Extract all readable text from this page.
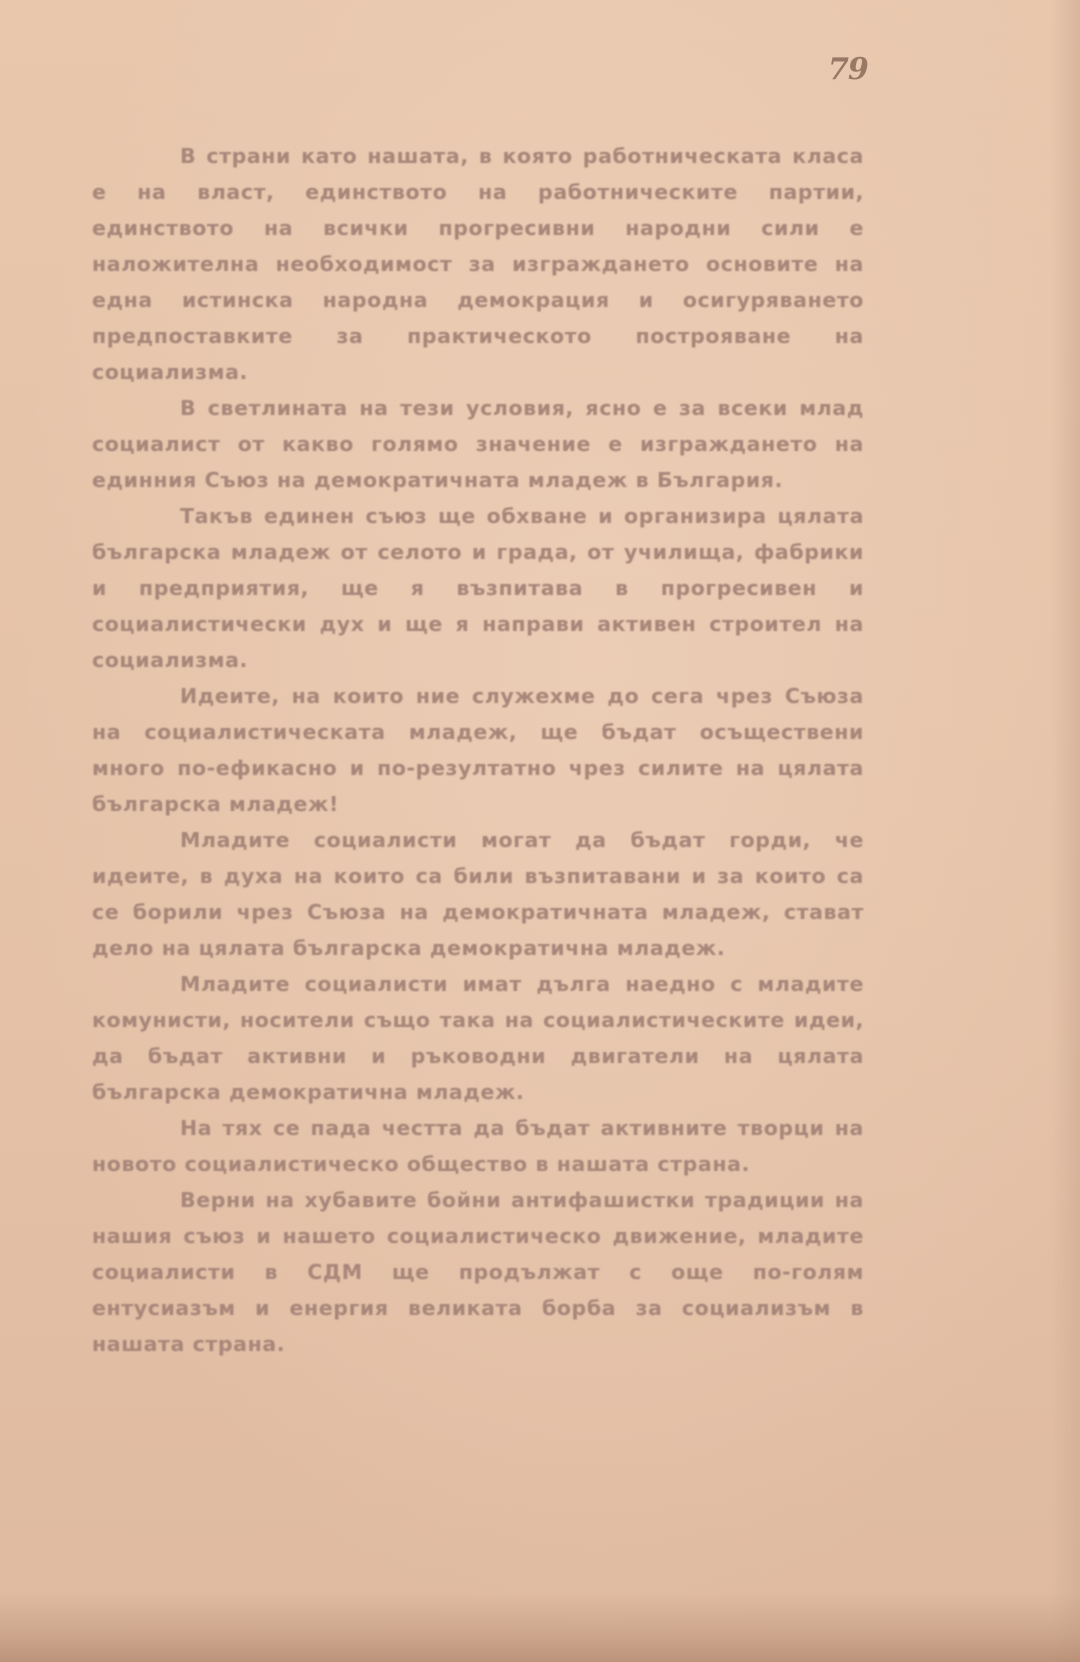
79

В страни като нашата, в която работническата класа е на власт, единството на работническите партии, единството на всички прогресивни народни сили е наложителна необходимост за изграждането основите на една истинска народна демокрация и осигуряването предпоставките за практическото построяване на социализма.

В светлината на тези условия, ясно е за всеки млад социалист от какво голямо значение е изграждането на единния Съюз на демократичната младеж в България.

Такъв единен съюз ще обхване и организира цялата българска младеж от селото и града, от училища, фабрики и предприятия, ще я възпитава в прогресивен и социалистически дух и ще я направи активен строител на социализма.

Идеите, на които ние служехме до сега чрез Съюза на социалистическата младеж, ще бъдат осъществени много по-ефикасно и по-резултатно чрез силите на цялата българска младеж!

Младите социалисти могат да бъдат горди, че идеите, в духа на които са били възпитавани и за които са се борили чрез Съюза на демократичната младеж, стават дело на цялата българска демократична младеж.

Младите социалисти имат дълга наедно с младите комунисти, носители също така на социалистическите идеи, да бъдат активни и ръководни двигатели на цялата българска демократична младеж.

На тях се пада честта да бъдат активните творци на новото социалистическо общество в нашата страна.

Верни на хубавите бойни антифашистки традиции на нашия съюз и нашето социалистическо движение, младите социалисти в СДМ ще продължат с още по-голям ентусиазъм и енергия великата борба за социализъм в нашата страна.
